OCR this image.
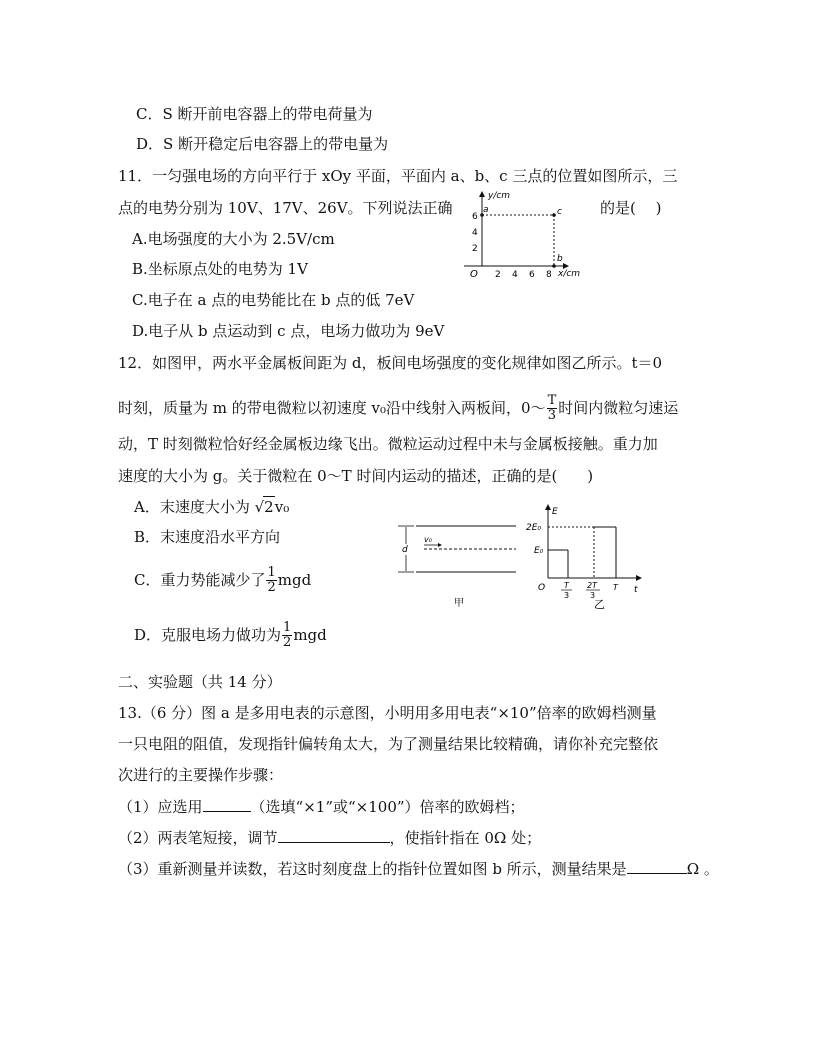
C．S 断开前电容器上的带电荷量为
D．S 断开稳定后电容器上的带电量为
11．一匀强电场的方向平行于 xOy 平面，平面内 a、b、c 三点的位置如图所示，三
点的电势分别为 10V、17V、26V。下列说法正确	的是(　 )
A.电场强度的大小为 2.5V/cm
B.坐标原点处的电势为 1V
C.电子在 a 点的电势能比在 b 点的低 7eV
D.电子从 b 点运动到 c 点，电场力做功为 9eV
y/cm
x/cm
O 2 4 6 8
2
4
6
a	c
b
12．如图甲，两水平金属板间距为 d，板间电场强度的变化规律如图乙所示。t＝0
时刻，质量为 m 的带电微粒以初速度 v₀沿中线射入两板间，0～ $\frac{T}{3}$ 时间内微粒匀速运
动，T 时刻微粒恰好经金属板边缘飞出。微粒运动过程中未与金属板接触。重力加
速度的大小为 g。关于微粒在 0～T 时间内运动的描述，正确的是(　　)
A．末速度大小为 √2v₀
B．末速度沿水平方向
C．重力势能减少了 $\frac{1}{2}$ mgd
D．克服电场力做功为 $\frac{1}{2}$ mgd
d
v₀
甲
E
t
O
2E₀
E₀
T
3
2T
3
T
乙
二、实验题（共 14 分）
13.（6 分）图 a 是多用电表的示意图，小明用多用电表“×10”倍率的欧姆档测量
一只电阻的阻值，发现指针偏转角太大，为了测量结果比较精确，请你补充完整依
次进行的主要操作步骤：
（1）应选用	（选填“×1”或“×100”）倍率的欧姆档；
（2）两表笔短接，调节	，使指针指在 0Ω 处；
（3）重新测量并读数，若这时刻度盘上的指针位置如图 b 所示，测量结果是	Ω 。
